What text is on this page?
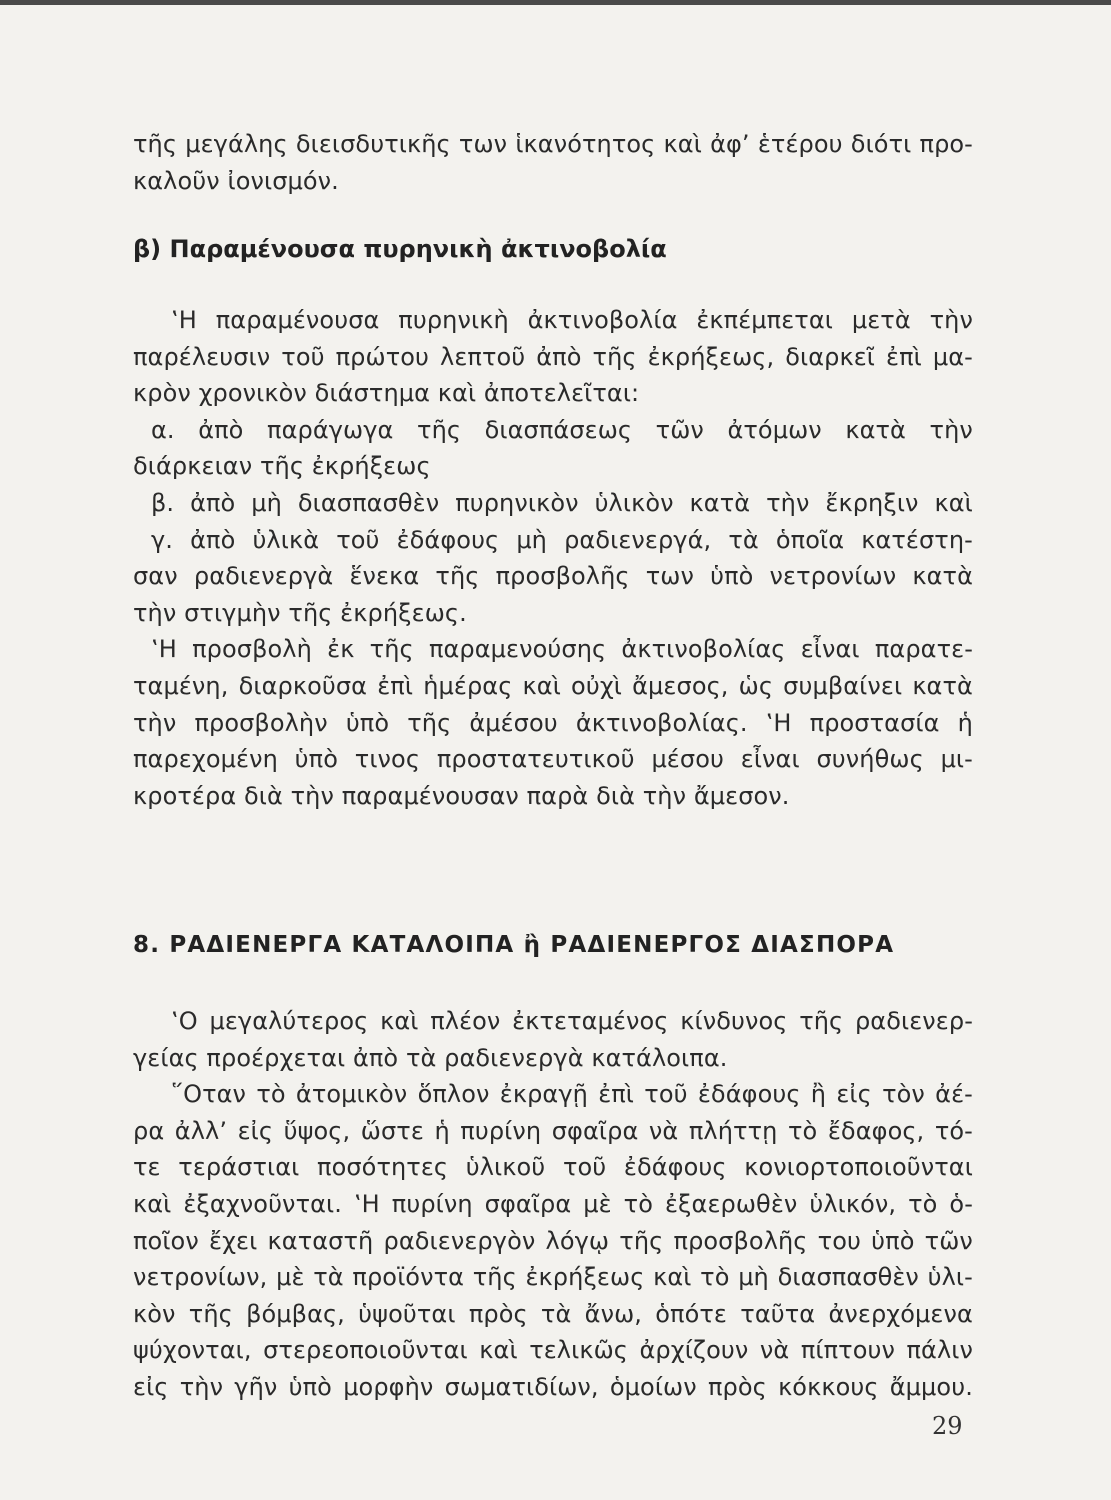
τῆς μεγάλης διεισδυτικῆς των ἱκανότητος καὶ ἀφ’ ἑτέρου διότι προ-
καλοῦν ἰονισμόν.
β) Παραμένουσα πυρηνικὴ ἀκτινοβολία
‛Η παραμένουσα πυρηνικὴ ἀκτινοβολία ἐκπέμπεται μετὰ τὴν
παρέλευσιν τοῦ πρώτου λεπτοῦ ἀπὸ τῆς ἐκρήξεως, διαρκεῖ ἐπὶ μα-
κρὸν χρονικὸν διάστημα καὶ ἀποτελεῖται:
α. ἀπὸ παράγωγα τῆς διασπάσεως τῶν ἀτόμων κατὰ τὴν
διάρκειαν τῆς ἐκρήξεως
β. ἀπὸ μὴ διασπασθὲν πυρηνικὸν ὑλικὸν κατὰ τὴν ἔκρηξιν καὶ
γ. ἀπὸ ὑλικὰ τοῦ ἐδάφους μὴ ραδιενεργά, τὰ ὁποῖα κατέστη-
σαν ραδιενεργὰ ἕνεκα τῆς προσβολῆς των ὑπὸ νετρονίων κατὰ
τὴν στιγμὴν τῆς ἐκρήξεως.
‛Η προσβολὴ ἐκ τῆς παραμενούσης ἀκτινοβολίας εἶναι παρατε-
ταμένη, διαρκοῦσα ἐπὶ ἡμέρας καὶ οὐχὶ ἄμεσος, ὡς συμβαίνει κατὰ
τὴν προσβολὴν ὑπὸ τῆς ἀμέσου ἀκτινοβολίας. ‛Η προστασία ἡ
παρεχομένη ὑπὸ τινος προστατευτικοῦ μέσου εἶναι συνήθως μι-
κροτέρα διὰ τὴν παραμένουσαν παρὰ διὰ τὴν ἄμεσον.
8. ΡΑΔΙΕΝΕΡΓΑ ΚΑΤΑΛΟΙΠΑ ἢ ΡΑΔΙΕΝΕΡΓΟΣ ΔΙΑΣΠΟΡΑ
‛Ο μεγαλύτερος καὶ πλέον ἐκτεταμένος κίνδυνος τῆς ραδιενερ-
γείας προέρχεται ἀπὸ τὰ ραδιενεργὰ κατάλοιπα.
῞Οταν τὸ ἀτομικὸν ὅπλον ἐκραγῇ ἐπὶ τοῦ ἐδάφους ἢ εἰς τὸν ἀέ-
ρα ἀλλ’ εἰς ὕψος, ὥστε ἡ πυρίνη σφαῖρα νὰ πλήττῃ τὸ ἔδαφος, τό-
τε τεράστιαι ποσότητες ὑλικοῦ τοῦ ἐδάφους κονιορτοποιοῦνται
καὶ ἐξαχνοῦνται. ‛Η πυρίνη σφαῖρα μὲ τὸ ἐξαερωθὲν ὑλικόν, τὸ ὁ-
ποῖον ἔχει καταστῆ ραδιενεργὸν λόγῳ τῆς προσβολῆς του ὑπὸ τῶν
νετρονίων, μὲ τὰ προϊόντα τῆς ἐκρήξεως καὶ τὸ μὴ διασπασθὲν ὑλι-
κὸν τῆς βόμβας, ὑψοῦται πρὸς τὰ ἄνω, ὁπότε ταῦτα ἀνερχόμενα
ψύχονται, στερεοποιοῦνται καὶ τελικῶς ἀρχίζουν νὰ πίπτουν πάλιν
εἰς τὴν γῆν ὑπὸ μορφὴν σωματιδίων, ὁμοίων πρὸς κόκκους ἄμμου.
29
